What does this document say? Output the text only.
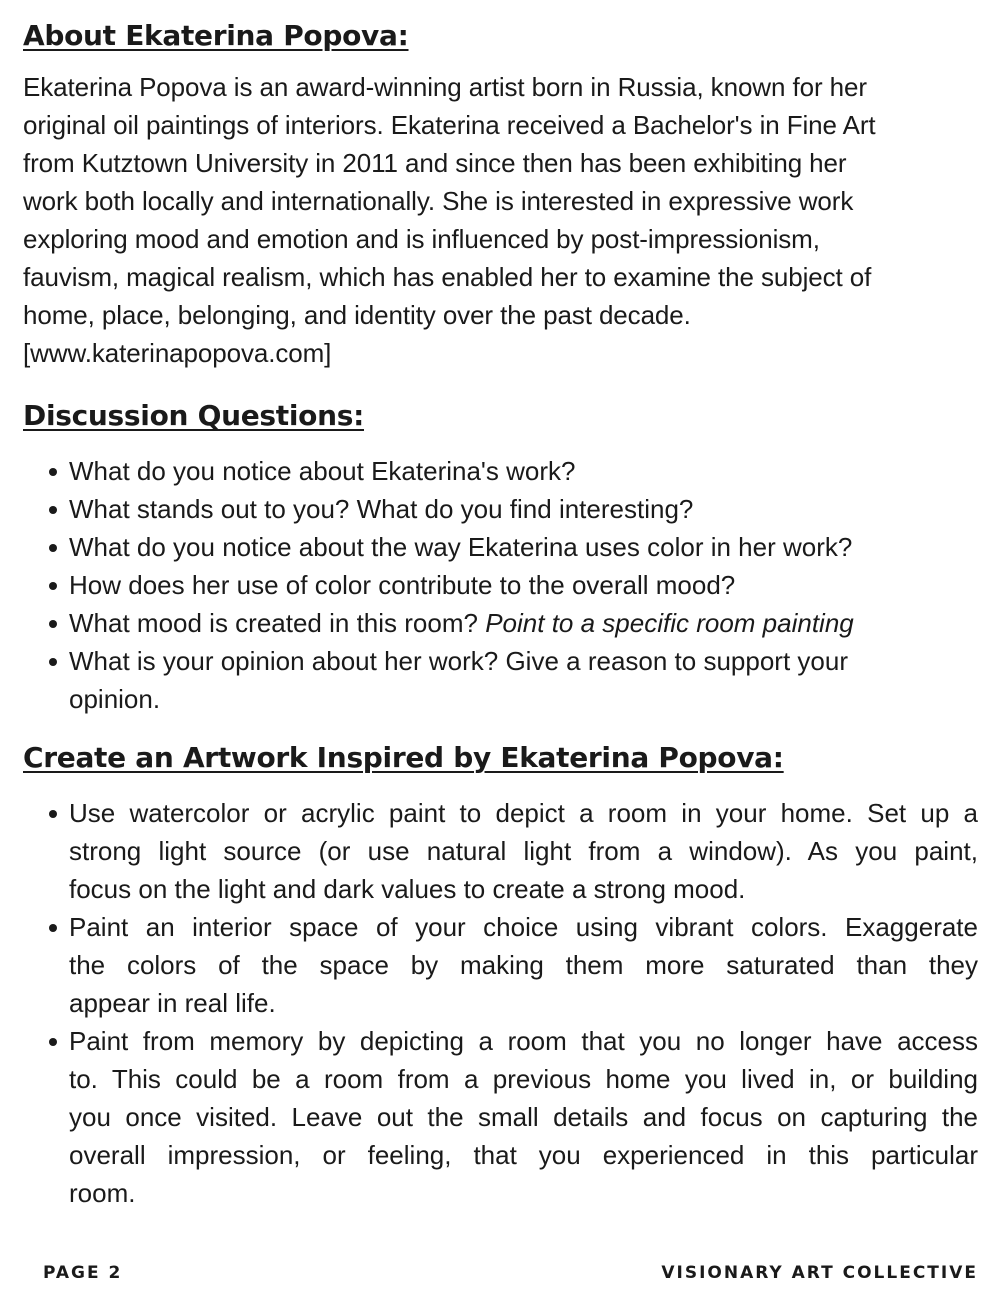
About Ekaterina Popova:

Ekaterina Popova is an award-winning artist born in Russia, known for her
original oil paintings of interiors. Ekaterina received a Bachelor's in Fine Art
from Kutztown University in 2011 and since then has been exhibiting her
work both locally and internationally. She is interested in expressive work
exploring mood and emotion and is influenced by post-impressionism,
fauvism, magical realism, which has enabled her to examine the subject of
home, place, belonging, and identity over the past decade.
[www.katerinapopova.com]

Discussion Questions:
What do you notice about Ekaterina's work?
What stands out to you? What do you find interesting?
What do you notice about the way Ekaterina uses color in her work?
How does her use of color contribute to the overall mood?
What mood is created in this room? Point to a specific room painting
What is your opinion about her work? Give a reason to support your
opinion.
Create an Artwork Inspired by Ekaterina Popova:
Use watercolor or acrylic paint to depict a room in your home. Set up a
strong light source (or use natural light from a window). As you paint,
focus on the light and dark values to create a strong mood.
Paint an interior space of your choice using vibrant colors. Exaggerate
the colors of the space by making them more saturated than they
appear in real life.
Paint from memory by depicting a room that you no longer have access
to. This could be a room from a previous home you lived in, or building
you once visited. Leave out the small details and focus on capturing the
overall impression, or feeling, that you experienced in this particular
room.
PAGE 2	VISIONARY ART COLLECTIVE
